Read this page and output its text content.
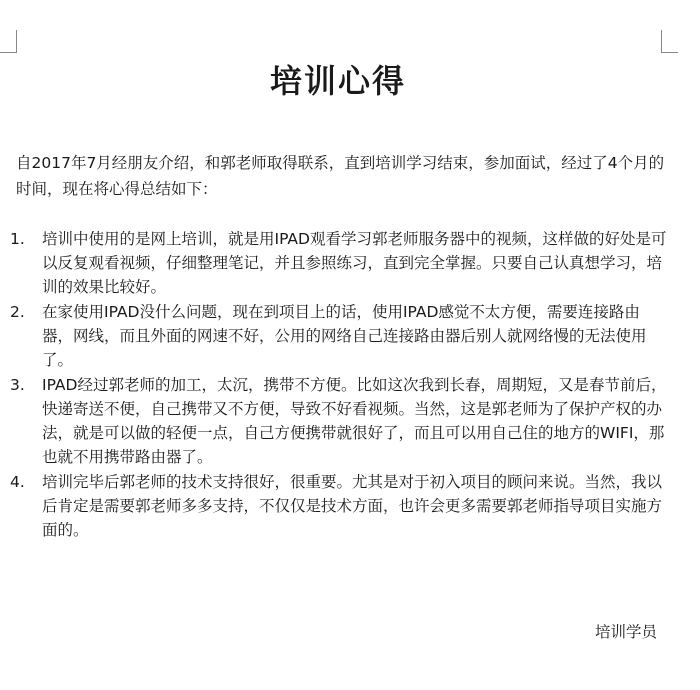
培训心得
自2017年7月经朋友介绍，和郭老师取得联系，直到培训学习结束，参加面试，经过了4个月的时间，现在将心得总结如下：
1. 培训中使用的是网上培训，就是用IPAD观看学习郭老师服务器中的视频，这样做的好处是可以反复观看视频，仔细整理笔记，并且参照练习，直到完全掌握。只要自己认真想学习，培训的效果比较好。
2. 在家使用IPAD没什么问题，现在到项目上的话，使用IPAD感觉不太方便，需要连接路由器，网线，而且外面的网速不好，公用的网络自己连接路由器后别人就网络慢的无法使用了。
3. IPAD经过郭老师的加工，太沉，携带不方便。比如这次我到长春，周期短，又是春节前后，快递寄送不便，自己携带又不方便，导致不好看视频。当然，这是郭老师为了保护产权的办法，就是可以做的轻便一点，自己方便携带就很好了，而且可以用自己住的地方的WIFI，那也就不用携带路由器了。
4. 培训完毕后郭老师的技术支持很好，很重要。尤其是对于初入项目的顾问来说。当然，我以后肯定是需要郭老师多多支持，不仅仅是技术方面，也许会更多需要郭老师指导项目实施方面的。
培训学员
